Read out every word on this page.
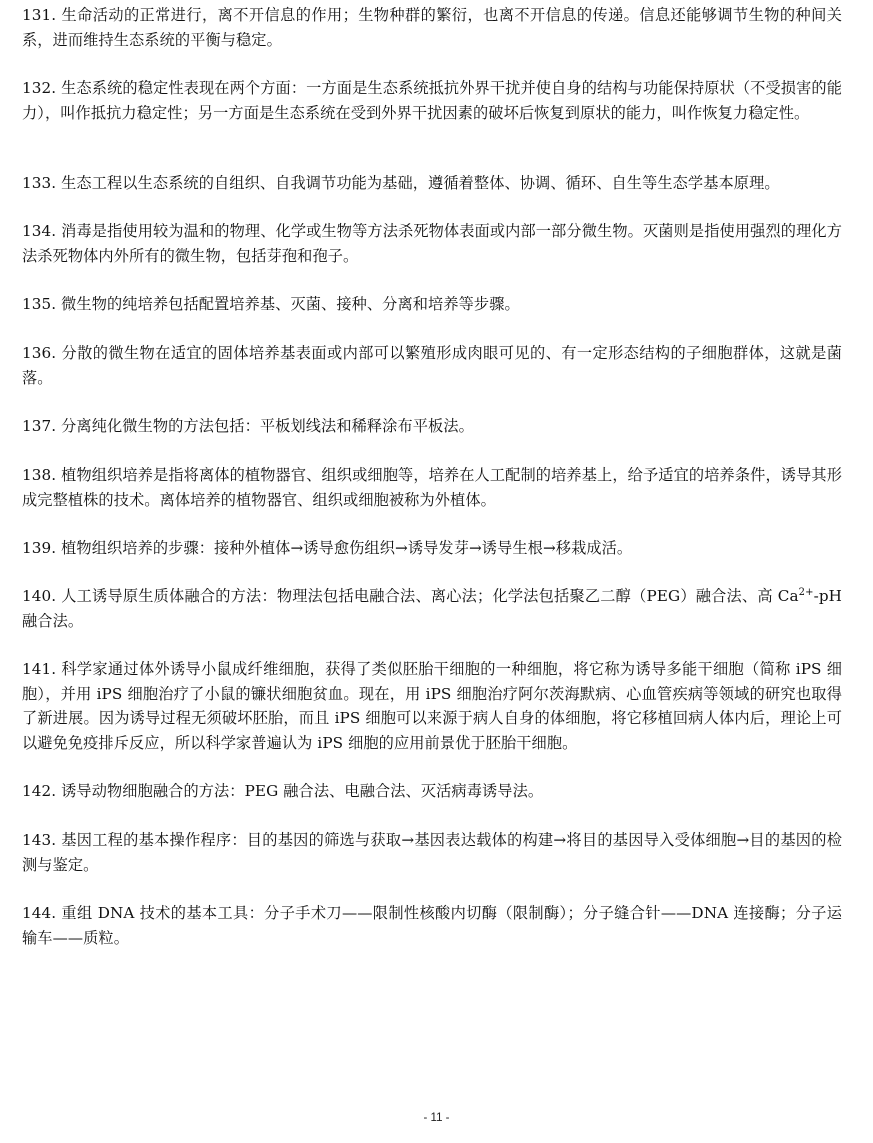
131. 生命活动的正常进行，离不开信息的作用；生物种群的繁衍，也离不开信息的传递。信息还能够调节生物的种间关系，进而维持生态系统的平衡与稳定。

132. 生态系统的稳定性表现在两个方面：一方面是生态系统抵抗外界干扰并使自身的结构与功能保持原状（不受损害的能力），叫作抵抗力稳定性；另一方面是生态系统在受到外界干扰因素的破坏后恢复到原状的能力，叫作恢复力稳定性。

133. 生态工程以生态系统的自组织、自我调节功能为基础，遵循着整体、协调、循环、自生等生态学基本原理。

134. 消毒是指使用较为温和的物理、化学或生物等方法杀死物体表面或内部一部分微生物。灭菌则是指使用强烈的理化方法杀死物体内外所有的微生物，包括芽孢和孢子。

135. 微生物的纯培养包括配置培养基、灭菌、接种、分离和培养等步骤。

136. 分散的微生物在适宜的固体培养基表面或内部可以繁殖形成肉眼可见的、有一定形态结构的子细胞群体，这就是菌落。

137. 分离纯化微生物的方法包括：平板划线法和稀释涂布平板法。

138. 植物组织培养是指将离体的植物器官、组织或细胞等，培养在人工配制的培养基上，给予适宜的培养条件，诱导其形成完整植株的技术。离体培养的植物器官、组织或细胞被称为外植体。

139. 植物组织培养的步骤：接种外植体→诱导愈伤组织→诱导发芽→诱导生根→移栽成活。

140. 人工诱导原生质体融合的方法：物理法包括电融合法、离心法；化学法包括聚乙二醇（PEG）融合法、高 $Ca^{2+}-pH$ 融合法。

141. 科学家通过体外诱导小鼠成纤维细胞，获得了类似胚胎干细胞的一种细胞，将它称为诱导多能干细胞（简称 iPS 细胞），并用 iPS 细胞治疗了小鼠的镰状细胞贫血。现在，用 iPS 细胞治疗阿尔茨海默病、心血管疾病等领域的研究也取得了新进展。因为诱导过程无须破坏胚胎，而且 iPS 细胞可以来源于病人自身的体细胞，将它移植回病人体内后，理论上可以避免免疫排斥反应，所以科学家普遍认为 iPS 细胞的应用前景优于胚胎干细胞。

142. 诱导动物细胞融合的方法：PEG 融合法、电融合法、灭活病毒诱导法。

143. 基因工程的基本操作程序：目的基因的筛选与获取→基因表达载体的构建→将目的基因导入受体细胞→目的基因的检测与鉴定。

144. 重组 DNA 技术的基本工具：分子手术刀——限制性核酸内切酶（限制酶）；分子缝合针——DNA 连接酶；分子运输车——质粒。

- 11 -
